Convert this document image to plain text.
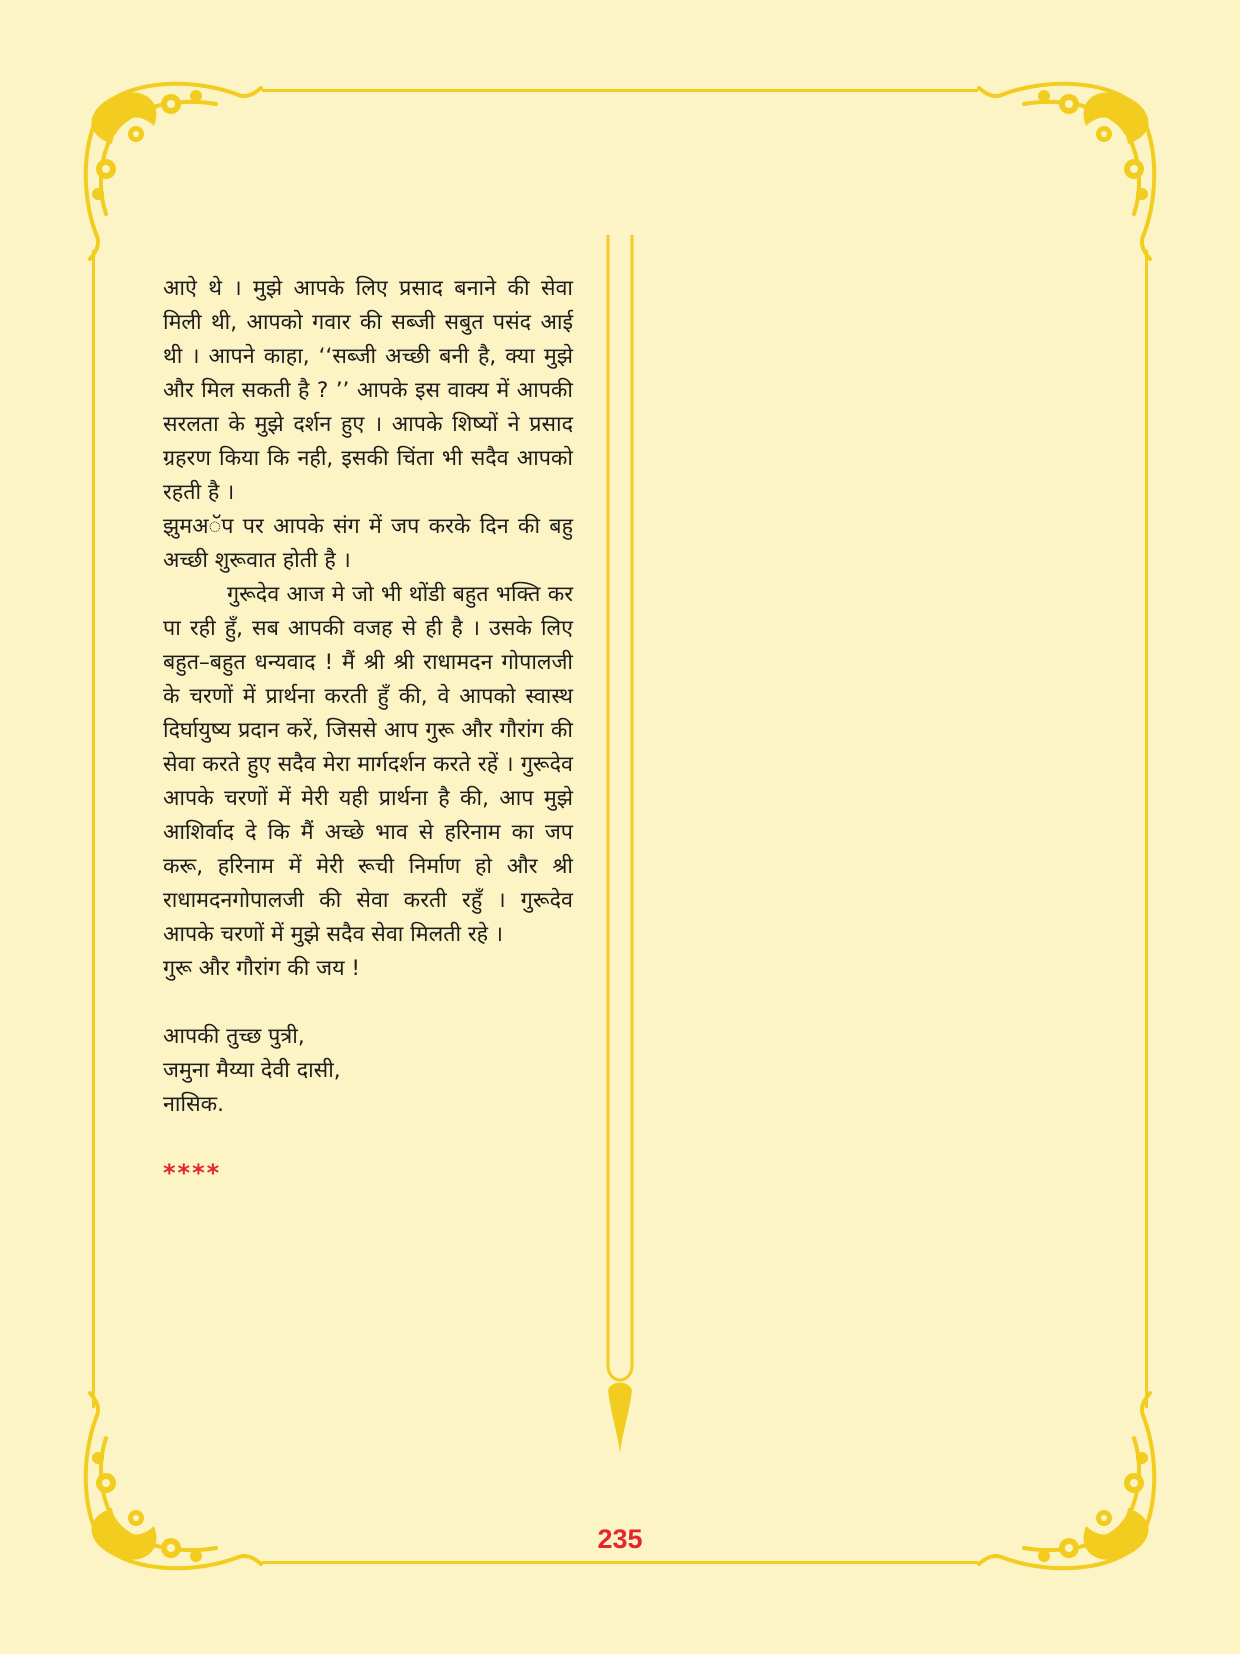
आऐ थे । मुझे आपके लिए प्रसाद बनाने की सेवा मिली थी, आपको गवार की सब्जी सबुत पसंद आई थी । आपने काहा, ‘‘सब्जी अच्छी बनी है, क्या मुझे और मिल सकती है ? ’’ आपके इस वाक्य में आपकी सरलता के मुझे दर्शन हुए । आपके शिष्यों ने प्रसाद ग्रहरण किया कि नही, इसकी चिंता भी सदैव आपको रहती है ।

झुमअॅप पर आपके संग में जप करके दिन की बहु अच्छी शुरूवात होती है ।

गुरूदेव आज मे जो भी थोंडी बहुत भक्ति कर पा रही हुँ, सब आपकी वजह से ही है । उसके लिए बहुत–बहुत धन्यवाद ! मैं श्री श्री राधामदन गोपालजी के चरणों में प्रार्थना करती हुँ की, वे आपको स्वास्थ दिर्घायुष्य प्रदान करें, जिससे आप गुरू और गौरांग की सेवा करते हुए सदैव मेरा मार्गदर्शन करते रहें । गुरूदेव आपके चरणों में मेरी यही प्रार्थना है की, आप मुझे आशिर्वाद दे कि मैं अच्छे भाव से हरिनाम का जप करू, हरिनाम में मेरी रूची निर्माण हो और श्री राधामदनगोपालजी की सेवा करती रहुँ । गुरूदेव आपके चरणों में मुझे सदैव सेवा मिलती रहे ।

गुरू और गौरांग की जय !

आपकी तुच्छ पुत्री,
जमुना मैय्या देवी दासी,
नासिक.
****
235
